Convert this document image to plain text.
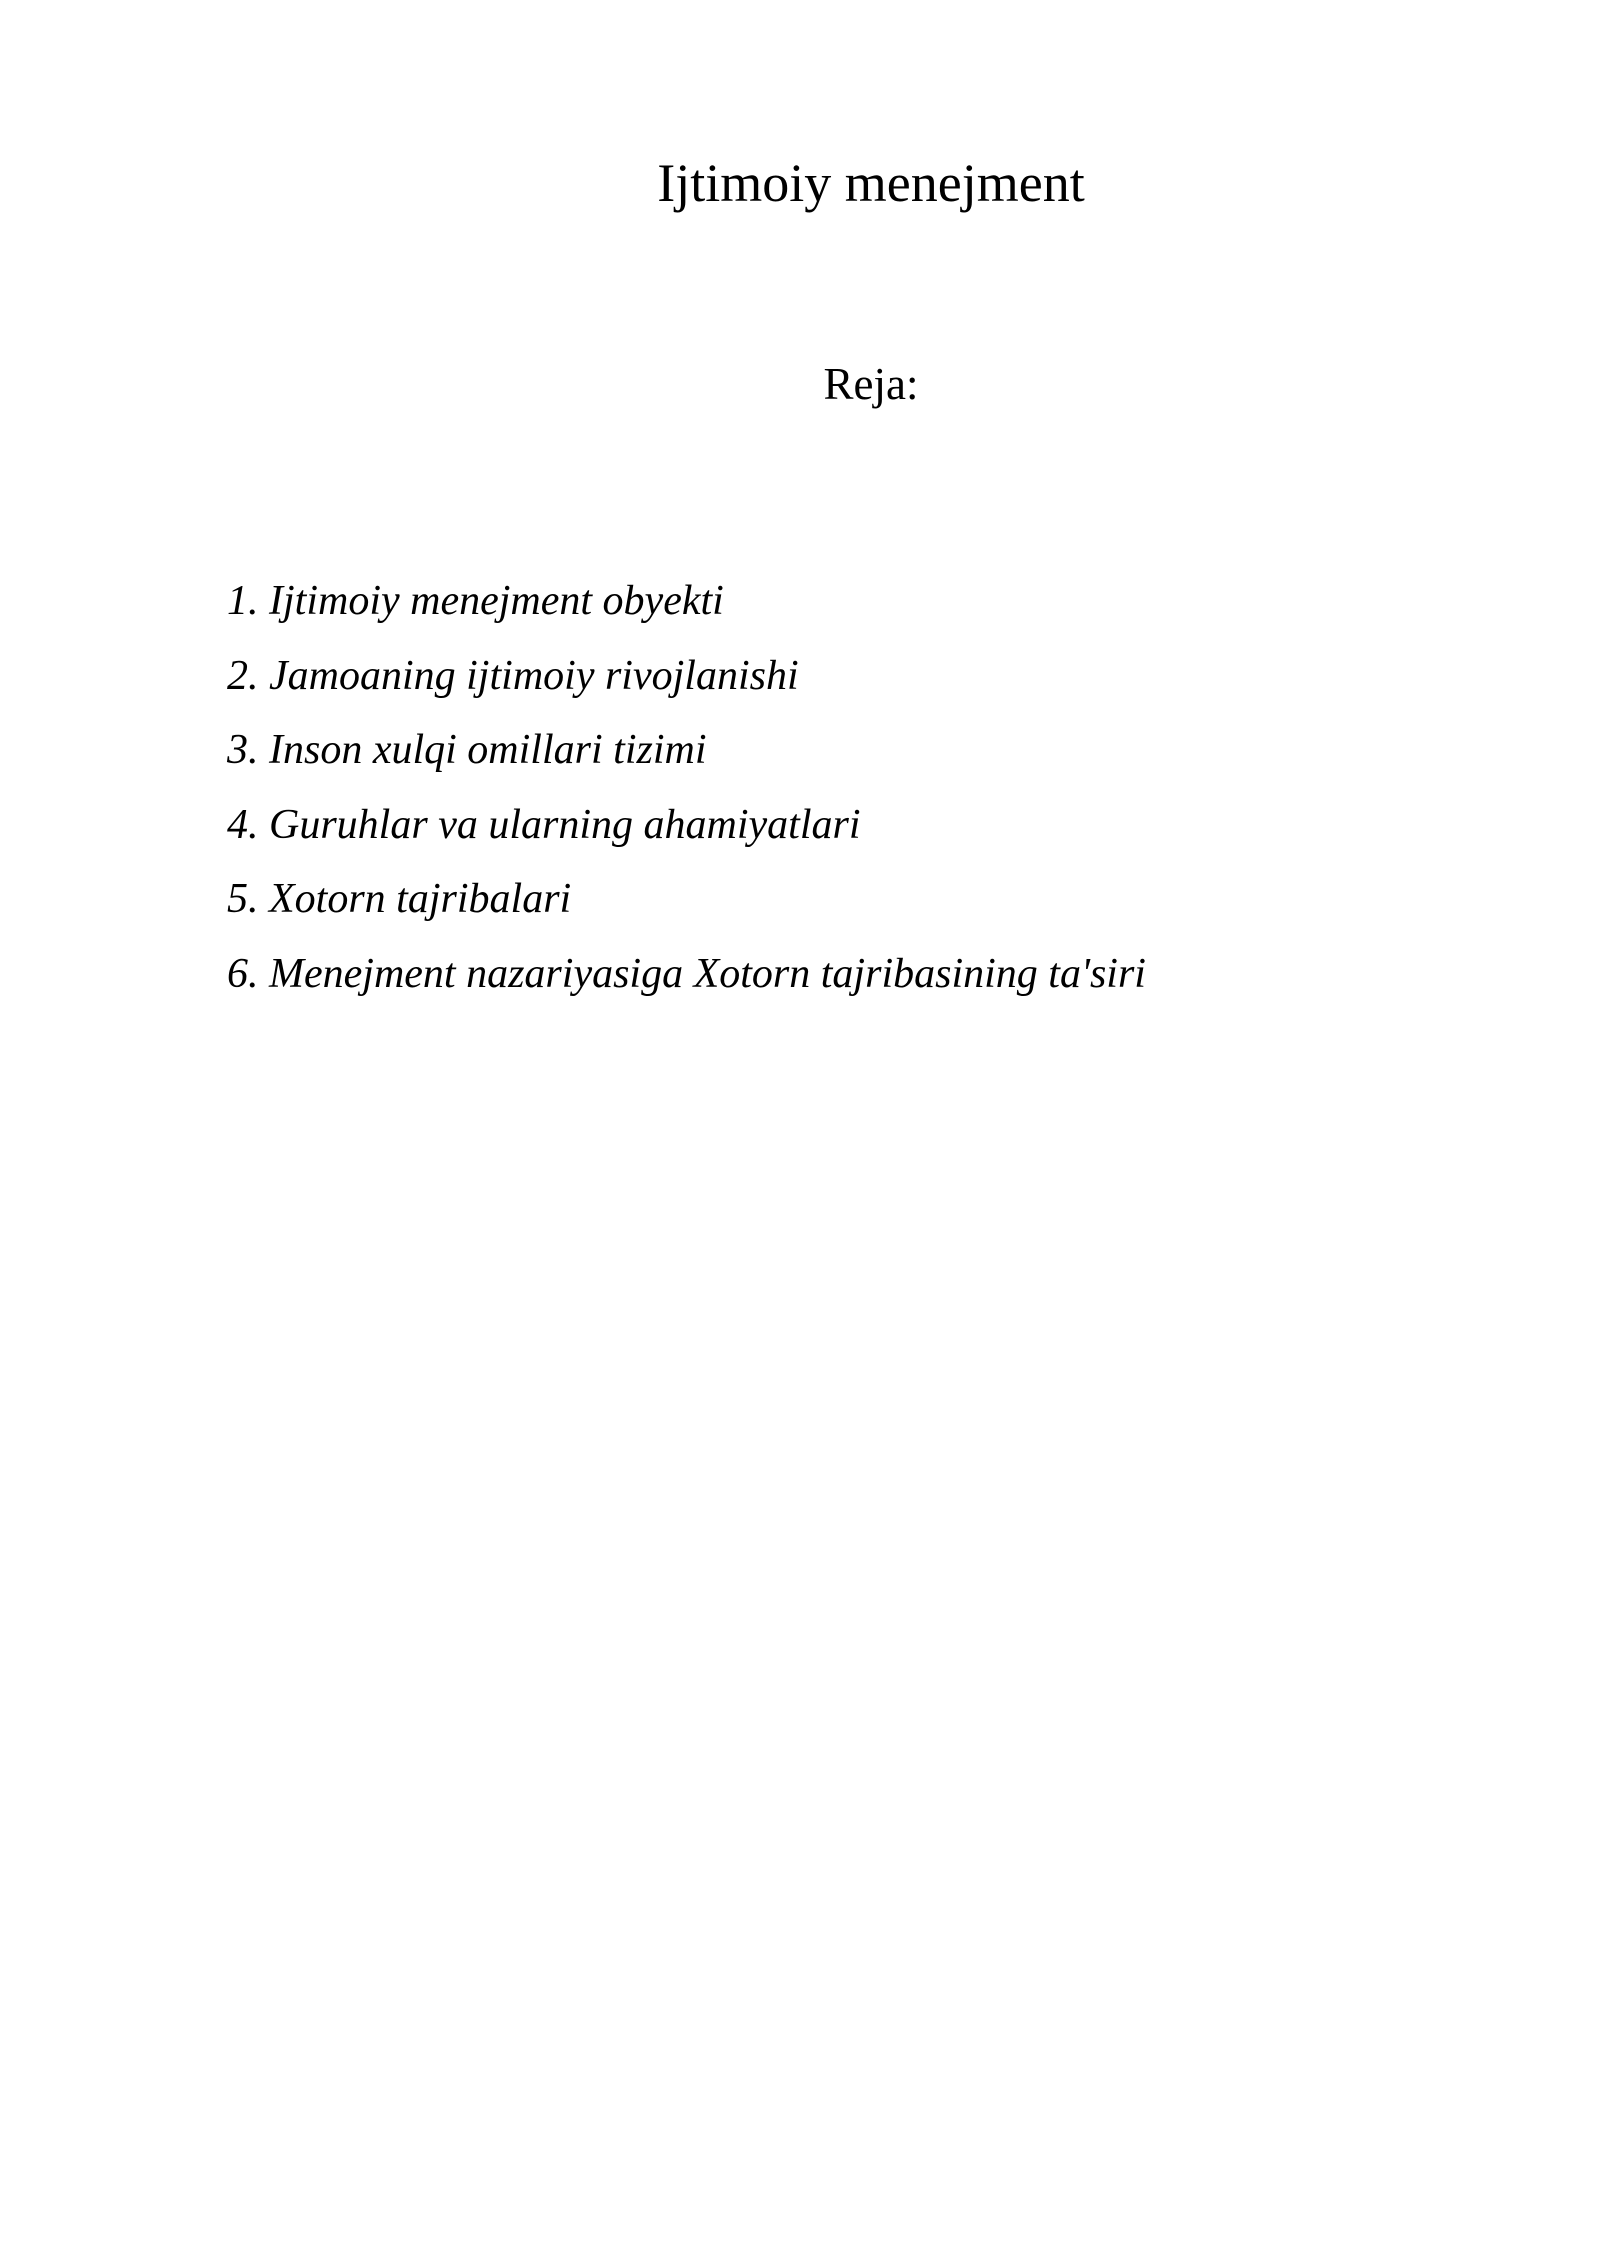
Ijtimoiy menejment
Reja:
1. Ijtimoiy menejment obyekti
2. Jamoaning ijtimoiy rivojlanishi
3. Inson xulqi omillari tizimi
4. Guruhlar va ularning ahamiyatlari
5. Xotorn tajribalari
6. Menejment nazariyasiga Xotorn tajribasining ta'siri
